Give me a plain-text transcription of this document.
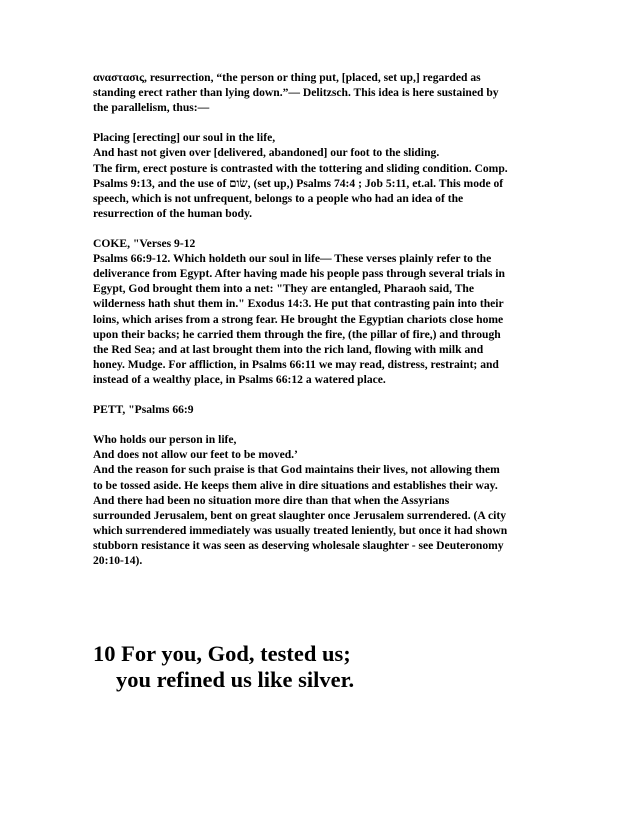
αναστασις, resurrection, “the person or thing put, [placed, set up,] regarded as
standing erect rather than lying down.”— Delitzsch. This idea is here sustained by
the parallelism, thus:—

Placing [erecting] our soul in the life,
And hast not given over [delivered, abandoned] our foot to the sliding.
The firm, erect posture is contrasted with the tottering and sliding condition. Comp.
Psalms 9:13, and the use of שׂום, (set up,) Psalms 74:4 ; Job 5:11, et.al. This mode of
speech, which is not unfrequent, belongs to a people who had an idea of the
resurrection of the human body.

COKE, "Verses 9-12
Psalms 66:9-12. Which holdeth our soul in life— These verses plainly refer to the
deliverance from Egypt. After having made his people pass through several trials in
Egypt, God brought them into a net: "They are entangled, Pharaoh said, The
wilderness hath shut them in." Exodus 14:3. He put that contrasting pain into their
loins, which arises from a strong fear. He brought the Egyptian chariots close home
upon their backs; he carried them through the fire, (the pillar of fire,) and through
the Red Sea; and at last brought them into the rich land, flowing with milk and
honey. Mudge. For affliction, in Psalms 66:11 we may read, distress, restraint; and
instead of a wealthy place, in Psalms 66:12 a watered place.

PETT, "Psalms 66:9

Who holds our person in life,
And does not allow our feet to be moved.’
And the reason for such praise is that God maintains their lives, not allowing them
to be tossed aside. He keeps them alive in dire situations and establishes their way.
And there had been no situation more dire than that when the Assyrians
surrounded Jerusalem, bent on great slaughter once Jerusalem surrendered. (A city
which surrendered immediately was usually treated leniently, but once it had shown
stubborn resistance it was seen as deserving wholesale slaughter - see Deuteronomy
20:10-14).

10 For you, God, tested us;
you refined us like silver.
